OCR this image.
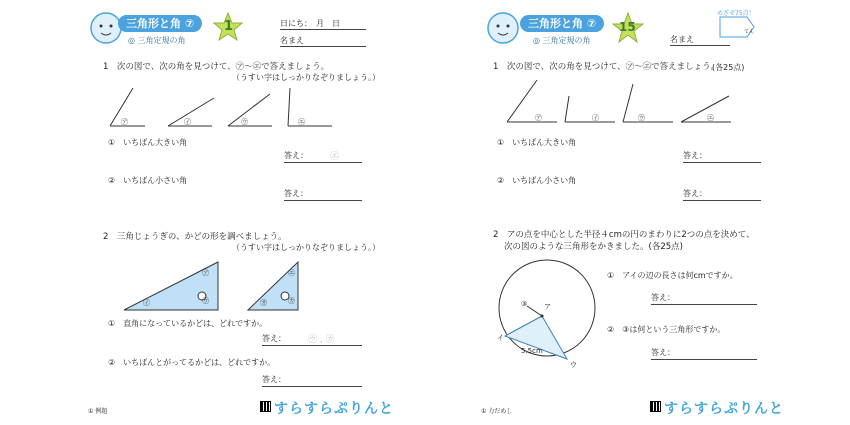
三角形と角 ⑦	1
◎ 三角定規の角
日にち：　月　日
名まえ
1　次の図で、次の角を見つけて、㋐～㋓で答えましょう。
（うすい字はしっかりなぞりましょう。）
㋐	㋑	㋒	㋓
①　いちばん大きい角
答え： ㋓
②　いちばん小さい角
答え：
2　三角じょうぎの、かどの形を調べましょう。
（うすい字はしっかりなぞりましょう。）
㋑
㋐
㋒	㋔
㋓
㋕
①　直角になっているかどは、どれですか。
答え： ㋒ , ㋕
②　いちばんとがってるかどは、どれですか。
答え：
① 例題	すらすらぷりんと
三角形と角 ⑦	15
◎ 三角定規の角	名まえ
めざせ75点！
てん
1　次の図で、次の角を見つけて、㋐～㋓で答えましょう。
(各25点)
㋐	㋑	㋒	㋓
①　いちばん大きい角
答え：
②　いちばん小さい角
答え：
2　アの点を中心とした半径４cmの円のまわりに2つの点を決めて、
次の図のような三角形をかきました。(各25点)
ア
イ
ウ
③
5.5cm
①　アイの辺の長さは何cmですか。
答え：
②　③は何という三角形ですか。
答え：
① 力だめし	すらすらぷりんと
